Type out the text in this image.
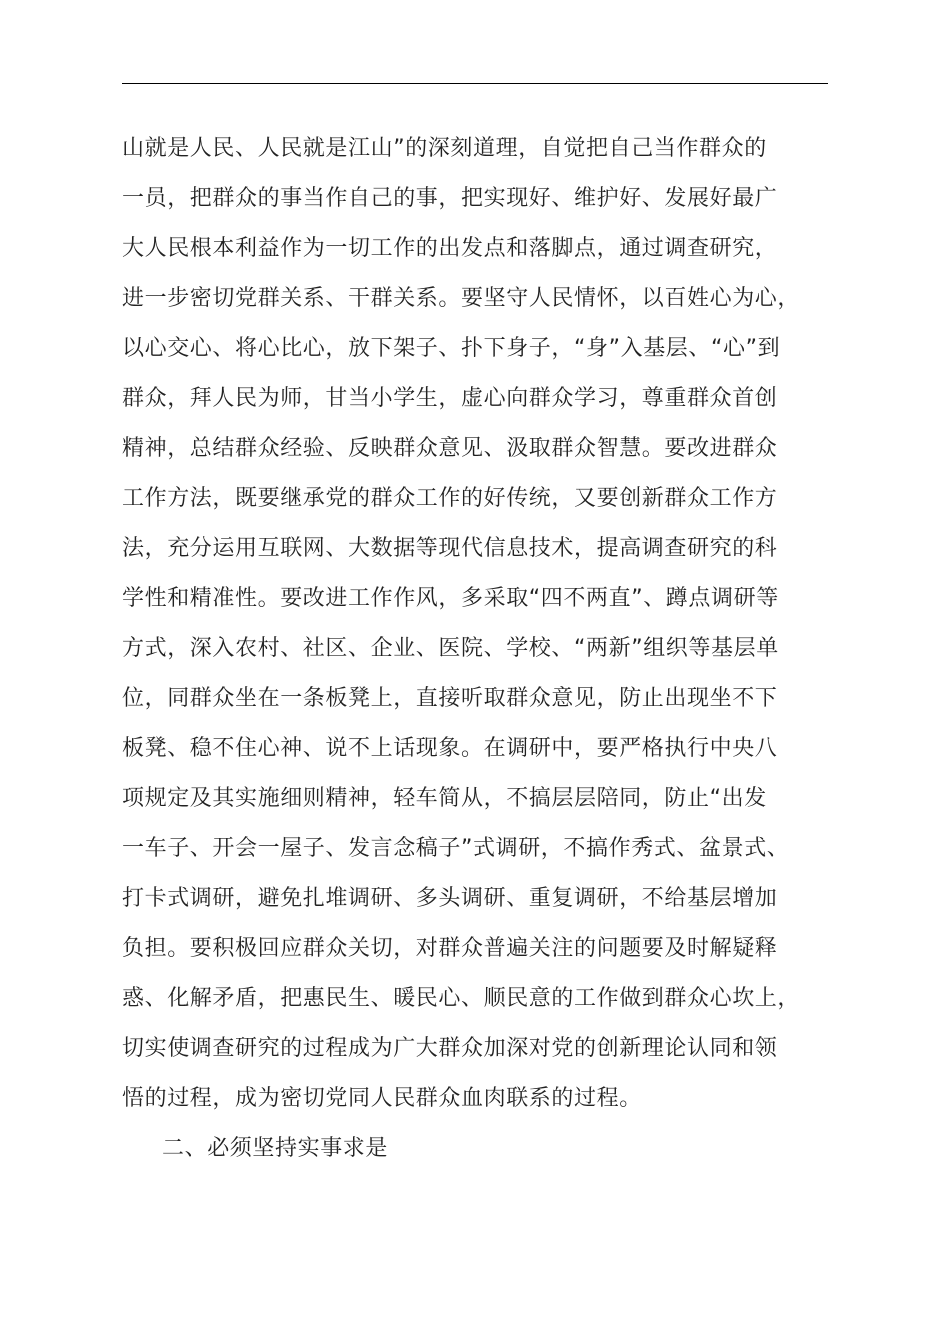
山就是人民、人民就是江山”的深刻道理，自觉把自己当作群众的
一员，把群众的事当作自己的事，把实现好、维护好、发展好最广
大人民根本利益作为一切工作的出发点和落脚点，通过调查研究，
进一步密切党群关系、干群关系。要坚守人民情怀，以百姓心为心，
以心交心、将心比心，放下架子、扑下身子，“身”入基层、“心”到
群众，拜人民为师，甘当小学生，虚心向群众学习，尊重群众首创
精神，总结群众经验、反映群众意见、汲取群众智慧。要改进群众
工作方法，既要继承党的群众工作的好传统，又要创新群众工作方
法，充分运用互联网、大数据等现代信息技术，提高调查研究的科
学性和精准性。要改进工作作风，多采取“四不两直”、蹲点调研等
方式，深入农村、社区、企业、医院、学校、“两新”组织等基层单
位，同群众坐在一条板凳上，直接听取群众意见，防止出现坐不下
板凳、稳不住心神、说不上话现象。在调研中，要严格执行中央八
项规定及其实施细则精神，轻车简从，不搞层层陪同，防止“出发
一车子、开会一屋子、发言念稿子”式调研，不搞作秀式、盆景式、
打卡式调研，避免扎堆调研、多头调研、重复调研，不给基层增加
负担。要积极回应群众关切，对群众普遍关注的问题要及时解疑释
惑、化解矛盾，把惠民生、暖民心、顺民意的工作做到群众心坎上，
切实使调查研究的过程成为广大群众加深对党的创新理论认同和领
悟的过程，成为密切党同人民群众血肉联系的过程。
二、必须坚持实事求是
